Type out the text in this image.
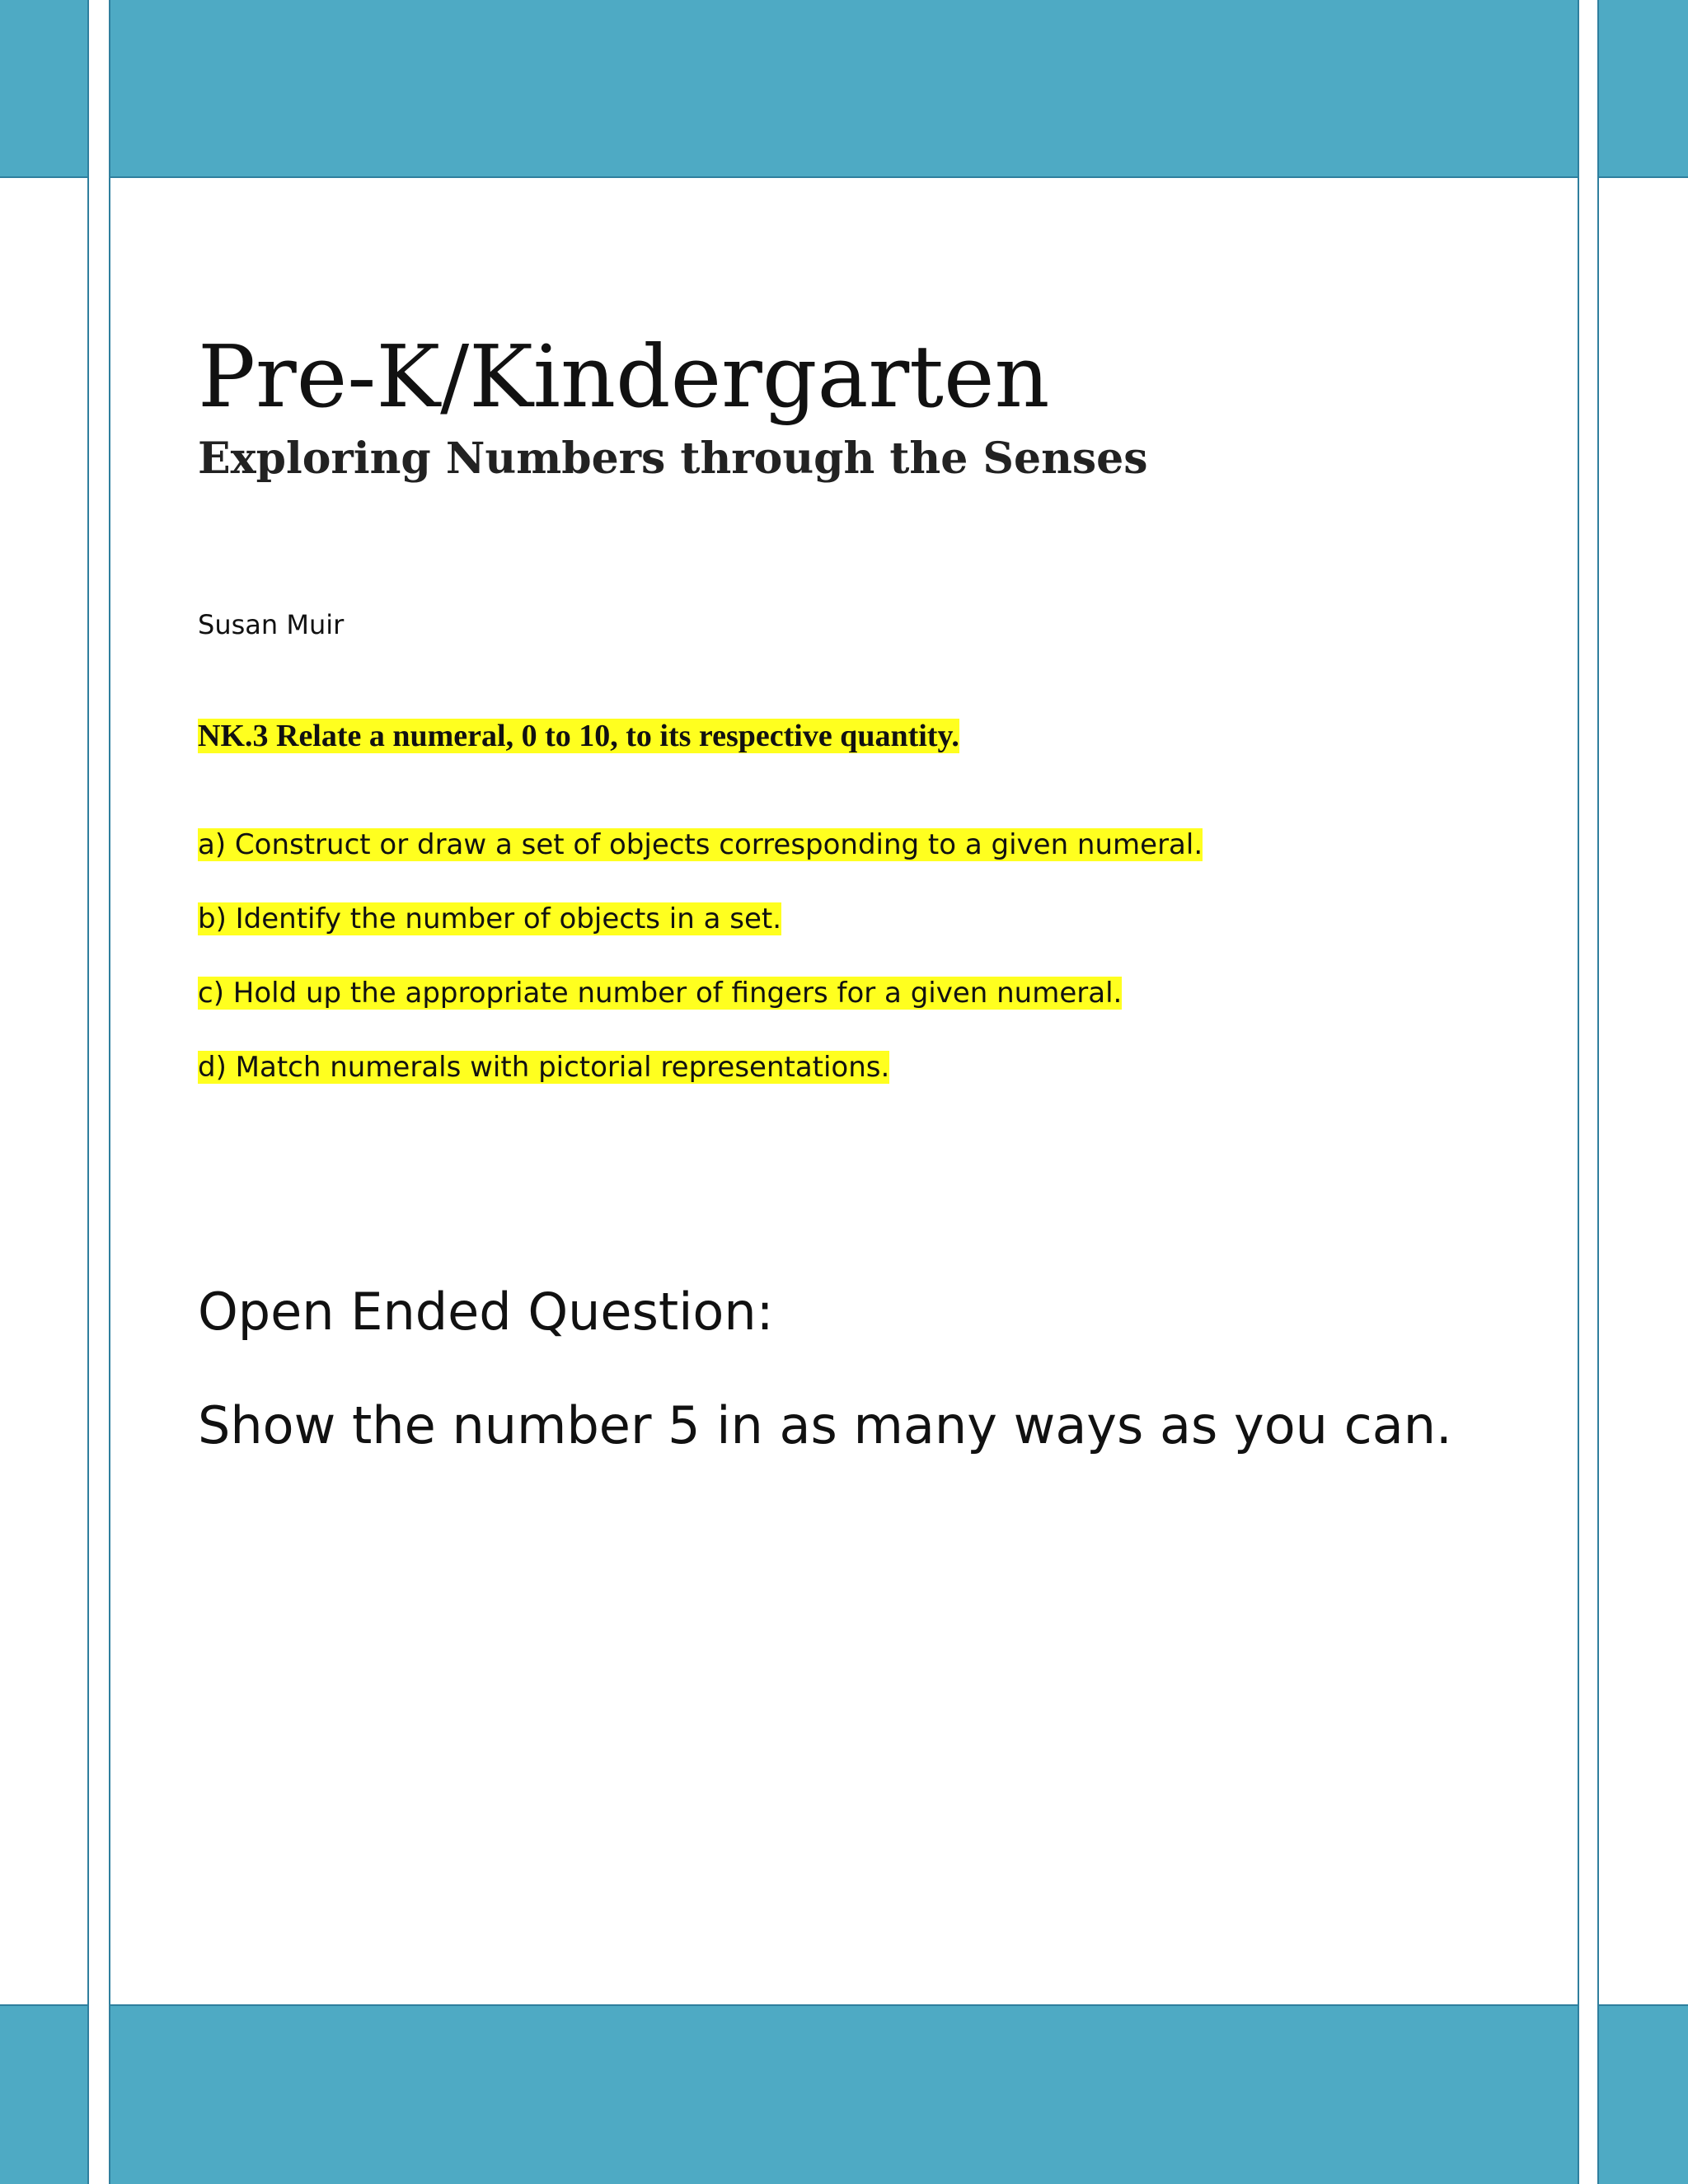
Pre-K/Kindergarten
Exploring Numbers through the Senses
Susan Muir
NK.3 Relate a numeral, 0 to 10, to its respective quantity.
a) Construct or draw a set of objects corresponding to a given numeral.
b) Identify the number of objects in a set.
c) Hold up the appropriate number of fingers for a given numeral.
d) Match numerals with pictorial representations.
Open Ended Question:

Show the number 5 in as many ways as you can.
